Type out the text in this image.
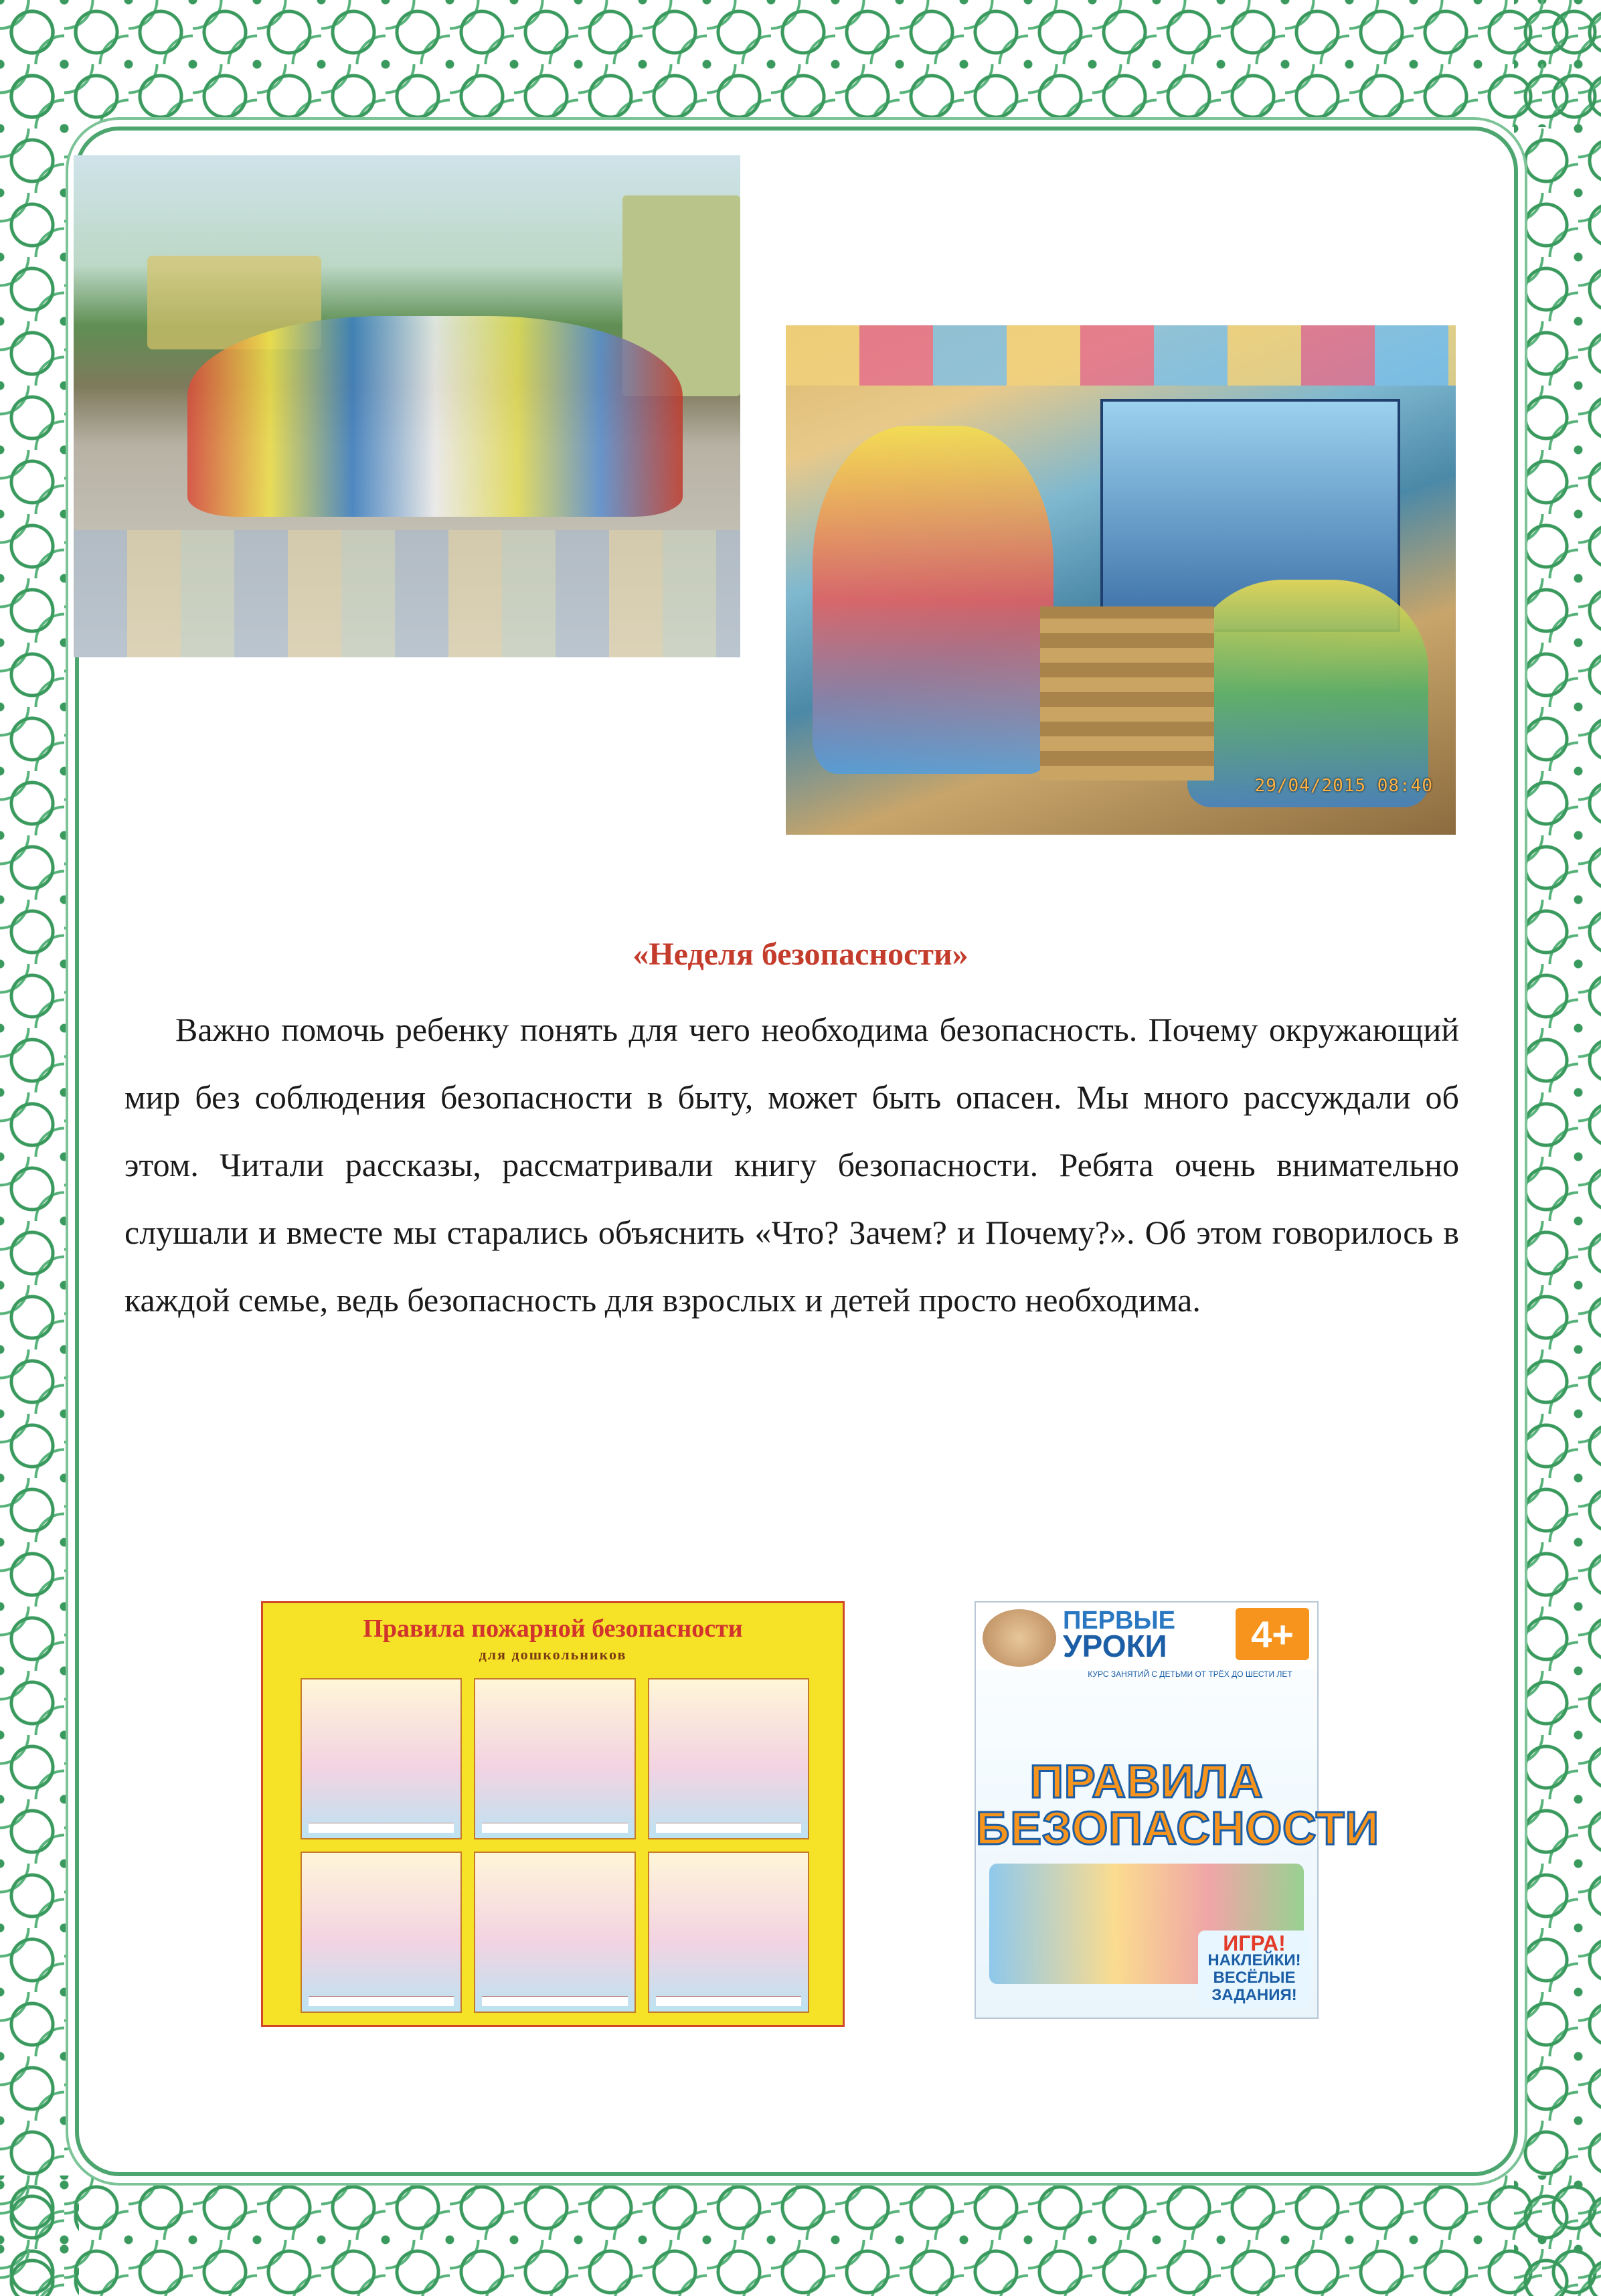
29/04/2015 08:40
«Неделя безопасности»
Важно помочь ребенку понять для чего необходима безопасность. Почему окружающий мир без соблюдения безопасности в быту, может быть опасен. Мы много рассуждали об этом. Читали рассказы, рассматривали книгу безопасности. Ребята очень внимательно слушали и вместе мы старались объяснить «Что? Зачем? и Почему?». Об этом говорилось в каждой семье, ведь безопасность для взрослых и детей просто необходима.
Правила пожарной безопасности
для дошкольников
ПЕРВЫЕ
УРОКИ	4+
КУРС ЗАНЯТИЙ С ДЕТЬМИ ОТ ТРЁХ ДО ШЕСТИ ЛЕТ
ПРАВИЛА
БЕЗОПАСНОСТИ
ИГРА!
НАКЛЕЙКИ!
ВЕСЁЛЫЕ ЗАДАНИЯ!
